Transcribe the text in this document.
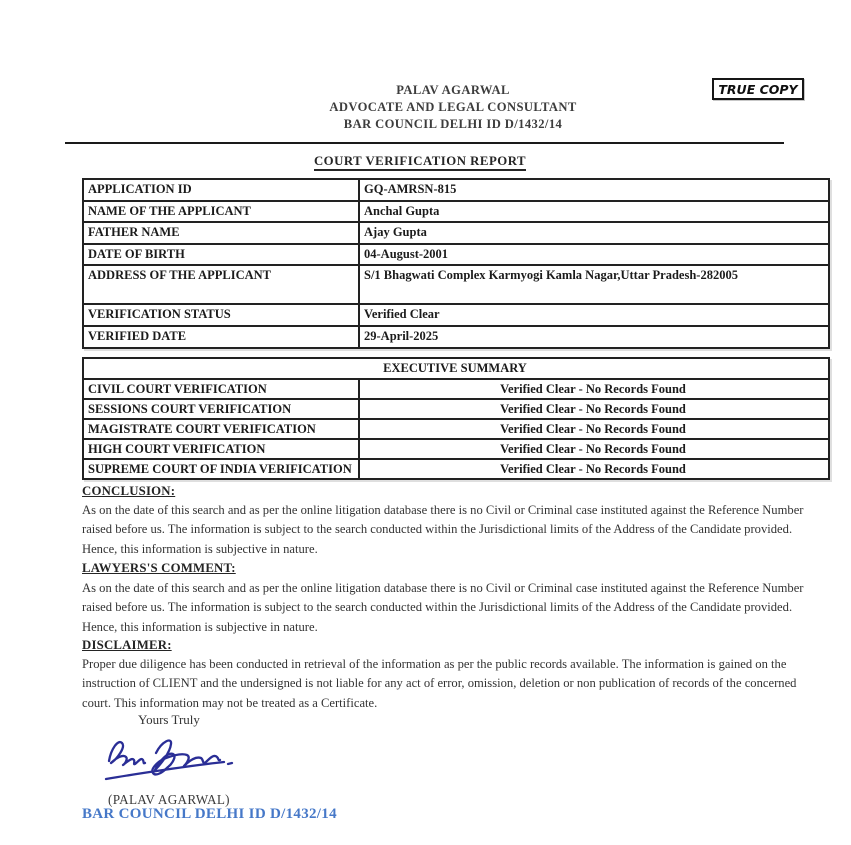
PALAV AGARWAL
ADVOCATE AND LEGAL CONSULTANT
BAR COUNCIL DELHI ID D/1432/14
TRUE COPY
COURT VERIFICATION REPORT
APPLICATION ID	GQ-AMRSN-815
NAME OF THE APPLICANT	Anchal Gupta
FATHER NAME	Ajay Gupta
DATE OF BIRTH	04-August-2001
ADDRESS OF THE APPLICANT	S/1 Bhagwati Complex Karmyogi Kamla Nagar,Uttar Pradesh-282005
VERIFICATION STATUS	Verified Clear
VERIFIED DATE	29-April-2025
EXECUTIVE SUMMARY	
CIVIL COURT VERIFICATION	Verified Clear - No Records Found
SESSIONS COURT VERIFICATION	Verified Clear - No Records Found
MAGISTRATE COURT VERIFICATION	Verified Clear - No Records Found
HIGH COURT VERIFICATION	Verified Clear - No Records Found
SUPREME COURT OF INDIA VERIFICATION	Verified Clear - No Records Found
CONCLUSION:
As on the date of this search and as per the online litigation database there is no Civil or Criminal case instituted against the Reference Number raised before us. The information is subject to the search conducted within the Jurisdictional limits of the Address of the Candidate provided. Hence, this information is subjective in nature.
LAWYERS'S COMMENT:
As on the date of this search and as per the online litigation database there is no Civil or Criminal case instituted against the Reference Number raised before us. The information is subject to the search conducted within the Jurisdictional limits of the Address of the Candidate provided. Hence, this information is subjective in nature.
DISCLAIMER:
Proper due diligence has been conducted in retrieval of the information as per the public records available. The information is gained on the instruction of CLIENT and the undersigned is not liable for any act of error, omission, deletion or non publication of records of the concerned court. This information may not be treated as a Certificate.
Yours Truly
(PALAV AGARWAL)
BAR COUNCIL DELHI ID D/1432/14
